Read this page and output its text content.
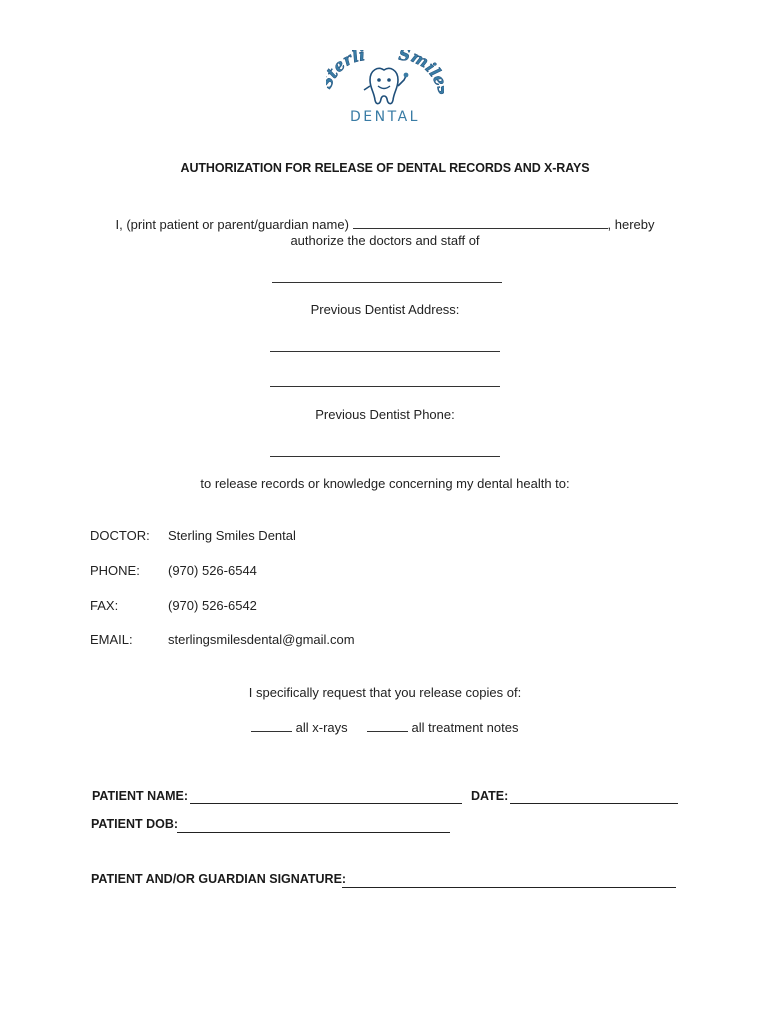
erli Smil
DENTAL
AUTHORIZATION FOR RELEASE OF DENTAL RECORDS AND X-RAYS
I, (print patient or parent/guardian name)	, hereby
authorize the doctors and staff of
Previous Dentist Address:
Previous Dentist Phone:
to release records or knowledge concerning my dental health to:
DOCTOR: Sterling Smiles Dental
PHONE: (970) 526-6544
FAX:	(970) 526-6542
EMAIL:	sterlingsmilesdental@gmail.com
I specifically request that you release copies of:
all x-rays	all treatment notes
PATIENT NAME:	DATE:
PATIENT DOB:
PATIENT AND/OR GUARDIAN SIGNATURE:
